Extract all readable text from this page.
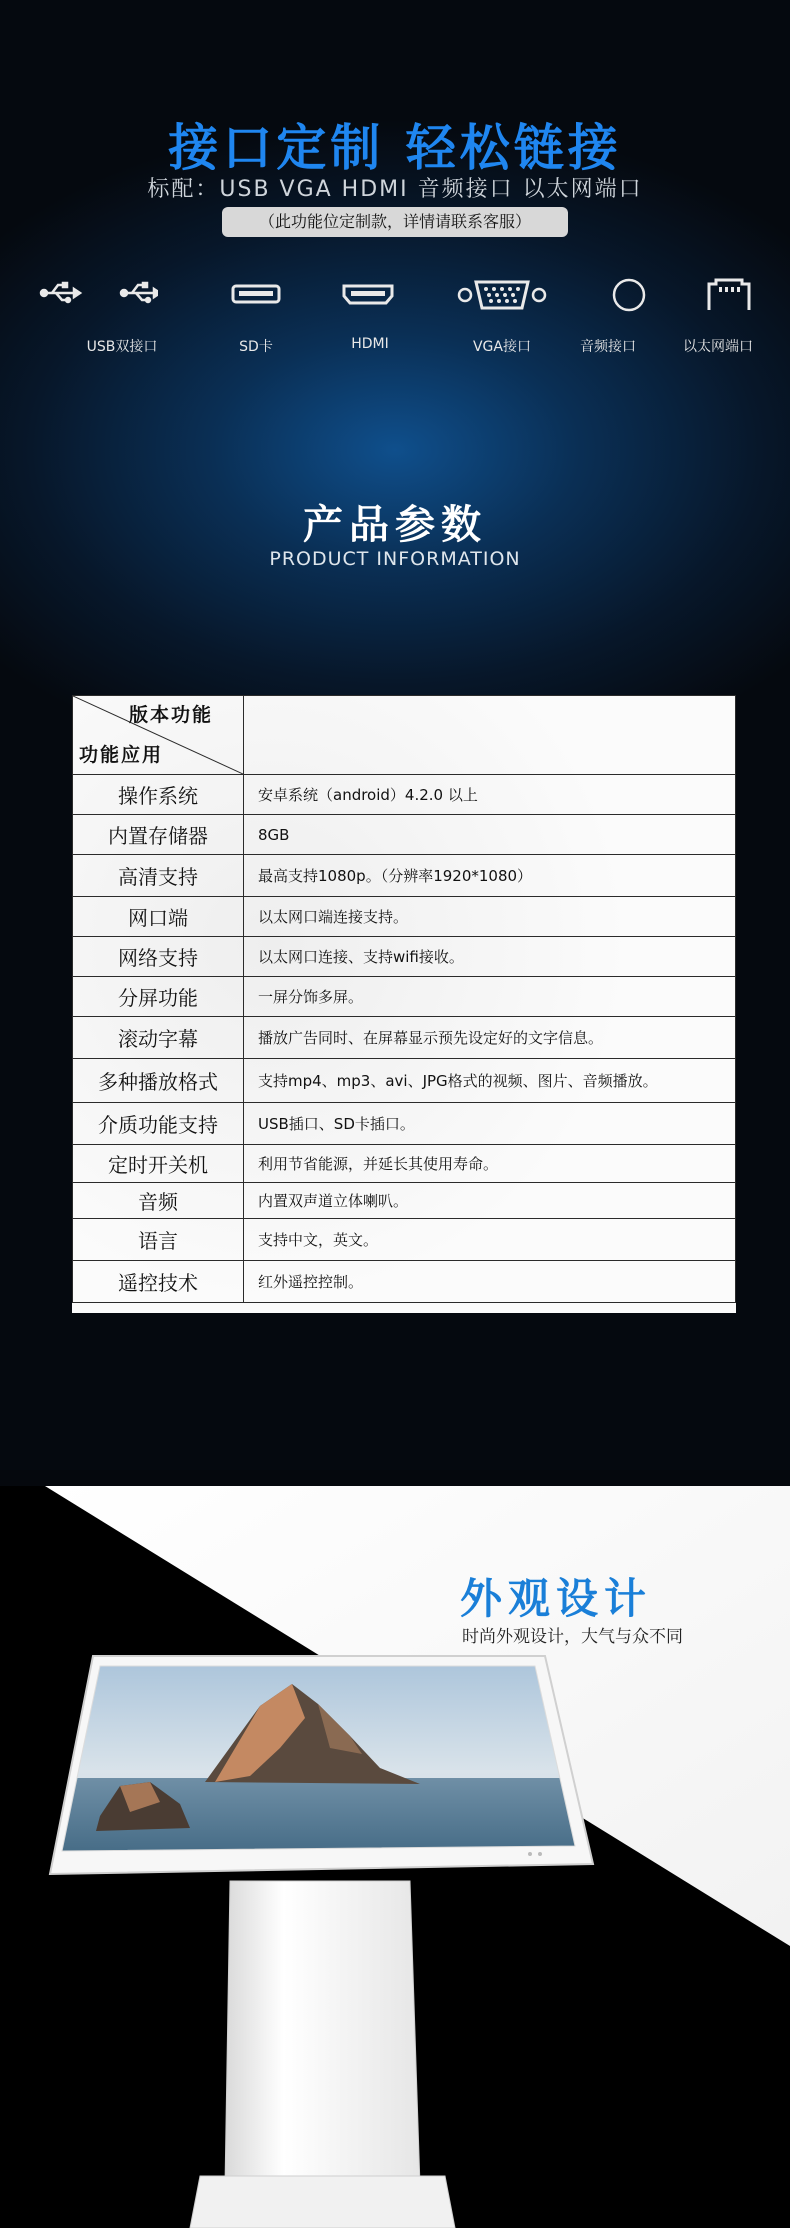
接口定制 轻松链接
标配：USB VGA HDMI 音频接口 以太网端口
（此功能位定制款，详情请联系客服）
USB双接口	SD卡	HDMI	VGA接口	音频接口	以太网端口
产品参数
PRODUCT INFORMATION
版本功能
功能应用	

操作系统	安卓系统（android）4.2.0 以上
内置存储器	8GB
高清支持	最高支持1080p。（分辨率1920*1080）
网口端	以太网口端连接支持。
网络支持	以太网口连接、支持wifi接收。
分屏功能	一屏分饰多屏。
滚动字幕	播放广告同时、在屏幕显示预先设定好的文字信息。
多种播放格式	支持mp4、mp3、avi、JPG格式的视频、图片、音频播放。
介质功能支持	USB插口、SD卡插口。
定时开关机	利用节省能源，并延长其使用寿命。
音频	内置双声道立体喇叭。
语言	支持中文，英文。
遥控技术	红外遥控控制。
外观设计
时尚外观设计，大气与众不同
